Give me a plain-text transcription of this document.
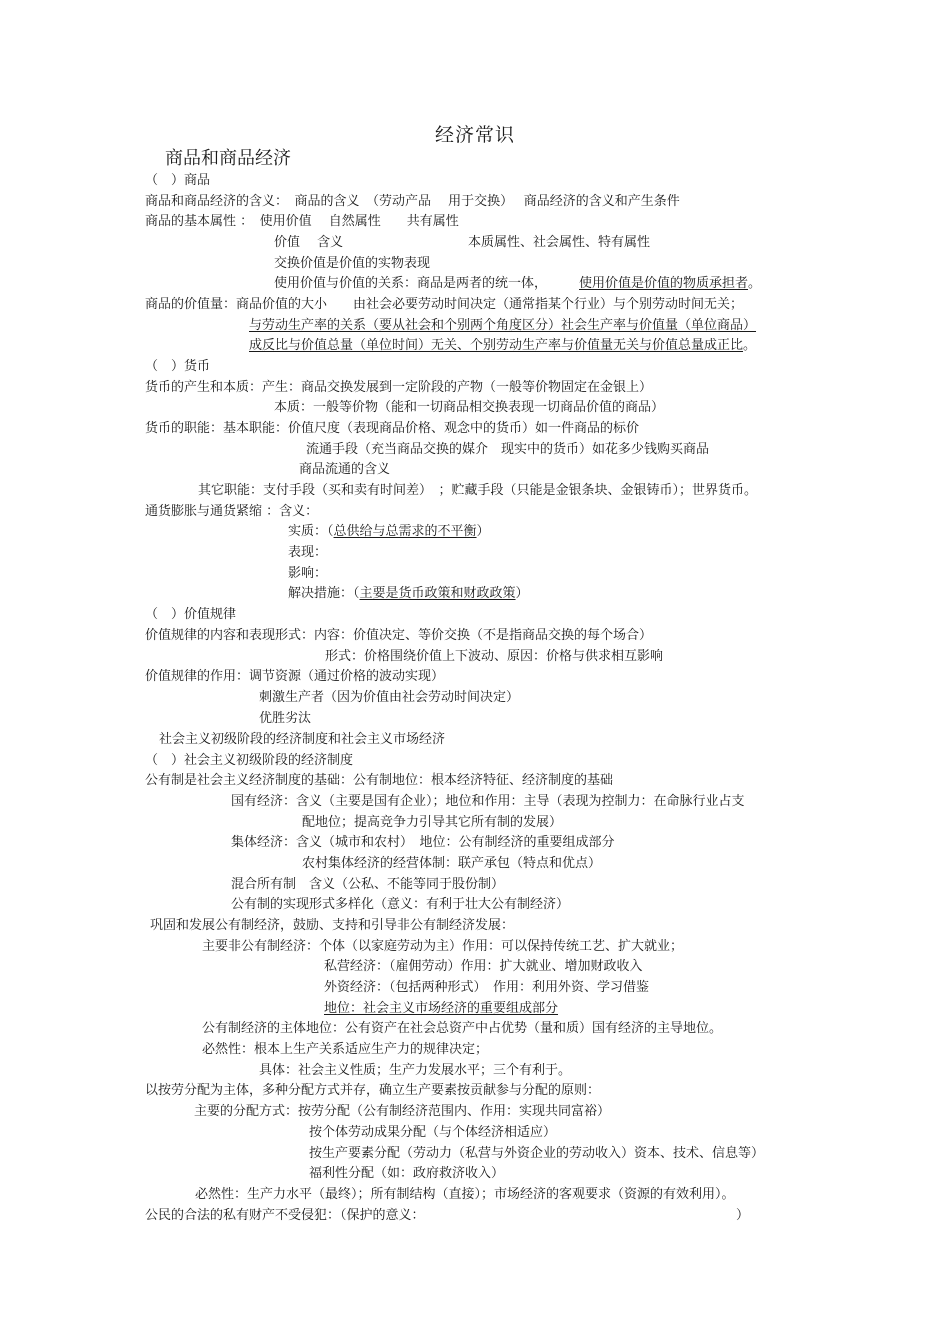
经济常识
商品和商品经济
（　）商品
商品和商品经济的含义：　商品的含义　（劳动产品　 用于交换）　 商品经济的含义和产生条件
商品的基本属性 ：　使用价值　 自然属性　　共有属性
价值　 含义	本质属性、社会属性、特有属性
交换价值是价值的实物表现
使用价值与价值的关系：商品是两者的统一体， 使用价值是价值的物质承担者。
商品的价值量：商品价值的大小　　由社会必要劳动时间决定（通常指某个行业）与个别劳动时间无关；
与劳动生产率的关系（要从社会和个别两个角度区分）社会生产率与价值量（单位商品）
成反比与价值总量（单位时间）无关、个别劳动生产率与价值量无关与价值总量成正比。
（　）货币
货币的产生和本质：产生：商品交换发展到一定阶段的产物（一般等价物固定在金银上）
本质：一般等价物（能和一切商品相交换表现一切商品价值的商品）
货币的职能：基本职能：价值尺度（表现商品价格、观念中的货币）如一件商品的标价
流通手段（充当商品交换的媒介　现实中的货币）如花多少钱购买商品
商品流通的含义
其它职能：支付手段（买和卖有时间差）　；贮藏手段（只能是金银条块、金银铸币）；世界货币。
通货膨胀与通货紧缩 ：含义：
实质：（总供给与总需求的不平衡）
表现：
影响：
解决措施：（主要是货币政策和财政政策）
（　）价值规律
价值规律的内容和表现形式：内容：价值决定、等价交换（不是指商品交换的每个场合）
形式：价格围绕价值上下波动、原因：价格与供求相互影响
价值规律的作用：调节资源（通过价格的波动实现）
刺激生产者（因为价值由社会劳动时间决定）
优胜劣汰
社会主义初级阶段的经济制度和社会主义市场经济
（　）社会主义初级阶段的经济制度
公有制是社会主义经济制度的基础：公有制地位：根本经济特征、经济制度的基础
国有经济：含义（主要是国有企业）；地位和作用：主导（表现为控制力：在命脉行业占支
配地位；提高竞争力引导其它所有制的发展）
集体经济：含义（城市和农村）　地位：公有制经济的重要组成部分
农村集体经济的经营体制：联产承包（特点和优点）
混合所有制　含义（公私、不能等同于股份制）
公有制的实现形式多样化（意义：有利于壮大公有制经济）
巩固和发展公有制经济，鼓励、支持和引导非公有制经济发展：
主要非公有制经济：个体（以家庭劳动为主）作用：可以保持传统工艺、扩大就业；
私营经济：（雇佣劳动）作用：扩大就业、增加财政收入
外资经济：（包括两种形式）　作用：利用外资、学习借鉴
地位：社会主义市场经济的重要组成部分
公有制经济的主体地位：公有资产在社会总资产中占优势（量和质）国有经济的主导地位。
必然性：根本上生产关系适应生产力的规律决定；
具体：社会主义性质；生产力发展水平；三个有利于。
以按劳分配为主体，多种分配方式并存，确立生产要素按贡献参与分配的原则：
主要的分配方式：按劳分配（公有制经济范围内、作用：实现共同富裕）
按个体劳动成果分配（与个体经济相适应）
按生产要素分配（劳动力（私营与外资企业的劳动收入）资本、技术、信息等）
福利性分配（如：政府救济收入）
必然性：生产力水平（最终）；所有制结构（直接）；市场经济的客观要求（资源的有效利用）。
公民的合法的私有财产不受侵犯：（保护的意义：	）
